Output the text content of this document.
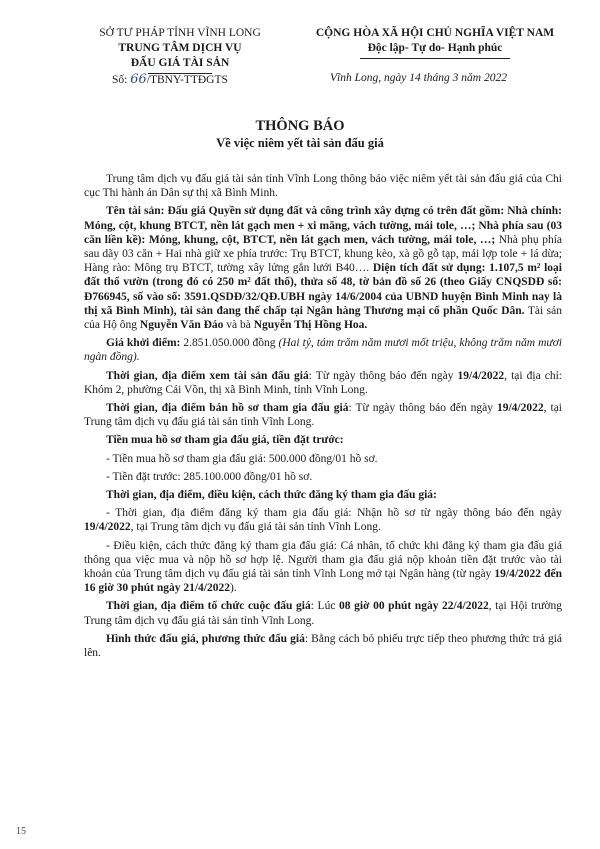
SỞ TƯ PHÁP TỈNH VĨNH LONG
TRUNG TÂM DỊCH VỤ
ĐẤU GIÁ TÀI SẢN
CỘNG HÒA XÃ HỘI CHỦ NGHĨA VIỆT NAM
Độc lập- Tự do- Hạnh phúc
Số: 66/TBNY-TTĐGTS	Vĩnh Long, ngày 14 tháng 3 năm 2022
THÔNG BÁO
Về việc niêm yết tài sản đấu giá

Trung tâm dịch vụ đấu giá tài sản tỉnh Vĩnh Long thông báo việc niêm yết tài sản đấu giá của Chi cục Thi hành án Dân sự thị xã Bình Minh.

Tên tài sản: Đấu giá Quyền sử dụng đất và công trình xây dựng có trên đất gồm: Nhà chính: Móng, cột, khung BTCT, nền lát gạch men + xi măng, vách tường, mái tole, …; Nhà phía sau (03 căn liền kề): Móng, khung, cột, BTCT, nền lát gạch men, vách tường, mái tole, …; Nhà phụ phía sau dãy 03 căn + Hai nhà giữ xe phía trước: Trụ BTCT, khung kèo, xà gồ gỗ tạp, mái lợp tole + lá dừa; Hàng rào: Mông trụ BTCT, tường xây lửng gắn lưới B40…. Diện tích đất sử dụng: 1.107,5 m² loại đất thổ vườn (trong đó có 250 m² đất thổ), thửa số 48, tờ bản đồ số 26 (theo Giấy CNQSDĐ số: Đ766945, số vào sổ: 3591.QSDĐ/32/QĐ.UBH ngày 14/6/2004 của UBND huyện Bình Minh nay là thị xã Bình Minh), tài sản đang thế chấp tại Ngân hàng Thương mại cổ phần Quốc Dân. Tài sản của Hộ ông Nguyễn Văn Đáo và bà Nguyễn Thị Hồng Hoa.

Giá khởi điểm: 2.851.050.000 đồng (Hai tỷ, tám trăm năm mươi mốt triệu, không trăm năm mươi ngàn đồng).

Thời gian, địa điểm xem tài sản đấu giá: Từ ngày thông báo đến ngày 19/4/2022, tại địa chỉ: Khóm 2, phường Cái Vồn, thị xã Bình Minh, tỉnh Vĩnh Long.

Thời gian, địa điểm bán hồ sơ tham gia đấu giá: Từ ngày thông báo đến ngày 19/4/2022, tại Trung tâm dịch vụ đấu giá tài sản tỉnh Vĩnh Long.

Tiền mua hồ sơ tham gia đấu giá, tiền đặt trước:

- Tiền mua hồ sơ tham gia đấu giá: 500.000 đồng/01 hồ sơ.

- Tiền đặt trước: 285.100.000 đồng/01 hồ sơ.

Thời gian, địa điểm, điều kiện, cách thức đăng ký tham gia đấu giá:

- Thời gian, địa điểm đăng ký tham gia đấu giá: Nhận hồ sơ từ ngày thông báo đến ngày 19/4/2022, tại Trung tâm dịch vụ đấu giá tài sản tỉnh Vĩnh Long.

- Điều kiện, cách thức đăng ký tham gia đấu giá: Cá nhân, tổ chức khi đăng ký tham gia đấu giá thông qua việc mua và nộp hồ sơ hợp lệ. Người tham gia đấu giá nộp khoản tiền đặt trước vào tài khoản của Trung tâm dịch vụ đấu giá tài sản tỉnh Vĩnh Long mở tại Ngân hàng (từ ngày 19/4/2022 đến 16 giờ 30 phút ngày 21/4/2022).

Thời gian, địa điểm tổ chức cuộc đấu giá: Lúc 08 giờ 00 phút ngày 22/4/2022, tại Hội trường Trung tâm dịch vụ đấu giá tài sản tỉnh Vĩnh Long.

Hình thức đấu giá, phương thức đấu giá: Bằng cách bỏ phiếu trực tiếp theo phương thức trả giá lên.

15
